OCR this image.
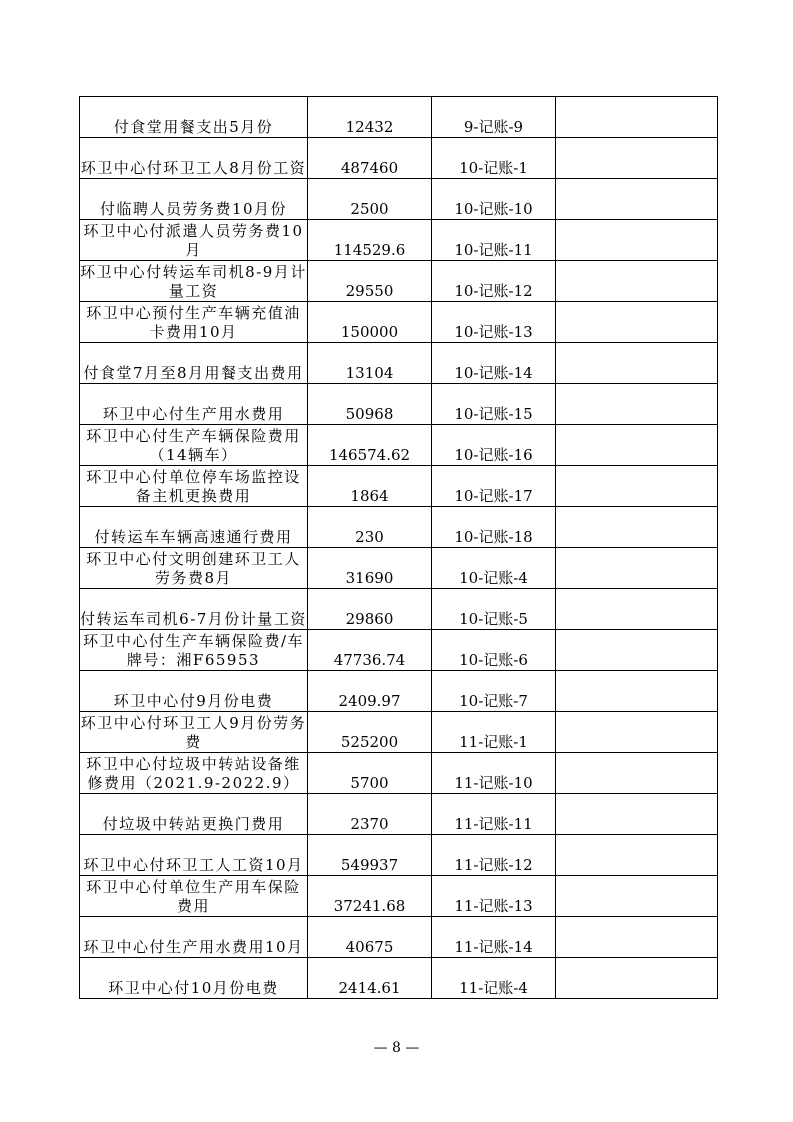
付食堂用餐支出5月份	12432	9-记账-9	
环卫中心付环卫工人8月份工资	487460	10-记账-1	
付临聘人员劳务费10月份	2500	10-记账-10	
环卫中心付派遣人员劳务费10月	114529.6	10-记账-11	
环卫中心付转运车司机8-9月计量工资	29550	10-记账-12	
环卫中心预付生产车辆充值油卡费用10月	150000	10-记账-13	
付食堂7月至8月用餐支出费用	13104	10-记账-14	
环卫中心付生产用水费用	50968	10-记账-15	
环卫中心付生产车辆保险费用（14辆车）	146574.62	10-记账-16	
环卫中心付单位停车场监控设备主机更换费用	1864	10-记账-17	
付转运车车辆高速通行费用	230	10-记账-18	
环卫中心付文明创建环卫工人劳务费8月	31690	10-记账-4	
付转运车司机6-7月份计量工资	29860	10-记账-5	
环卫中心付生产车辆保险费/车牌号：湘F65953	47736.74	10-记账-6	
环卫中心付9月份电费	2409.97	10-记账-7	
环卫中心付环卫工人9月份劳务费	525200	11-记账-1	
环卫中心付垃圾中转站设备维修费用（2021.9-2022.9）	5700	11-记账-10	
付垃圾中转站更换门费用	2370	11-记账-11	
环卫中心付环卫工人工资10月	549937	11-记账-12	
环卫中心付单位生产用车保险费用	37241.68	11-记账-13	
环卫中心付生产用水费用10月	40675	11-记账-14	
环卫中心付10月份电费	2414.61	11-记账-4	
— 8 —
